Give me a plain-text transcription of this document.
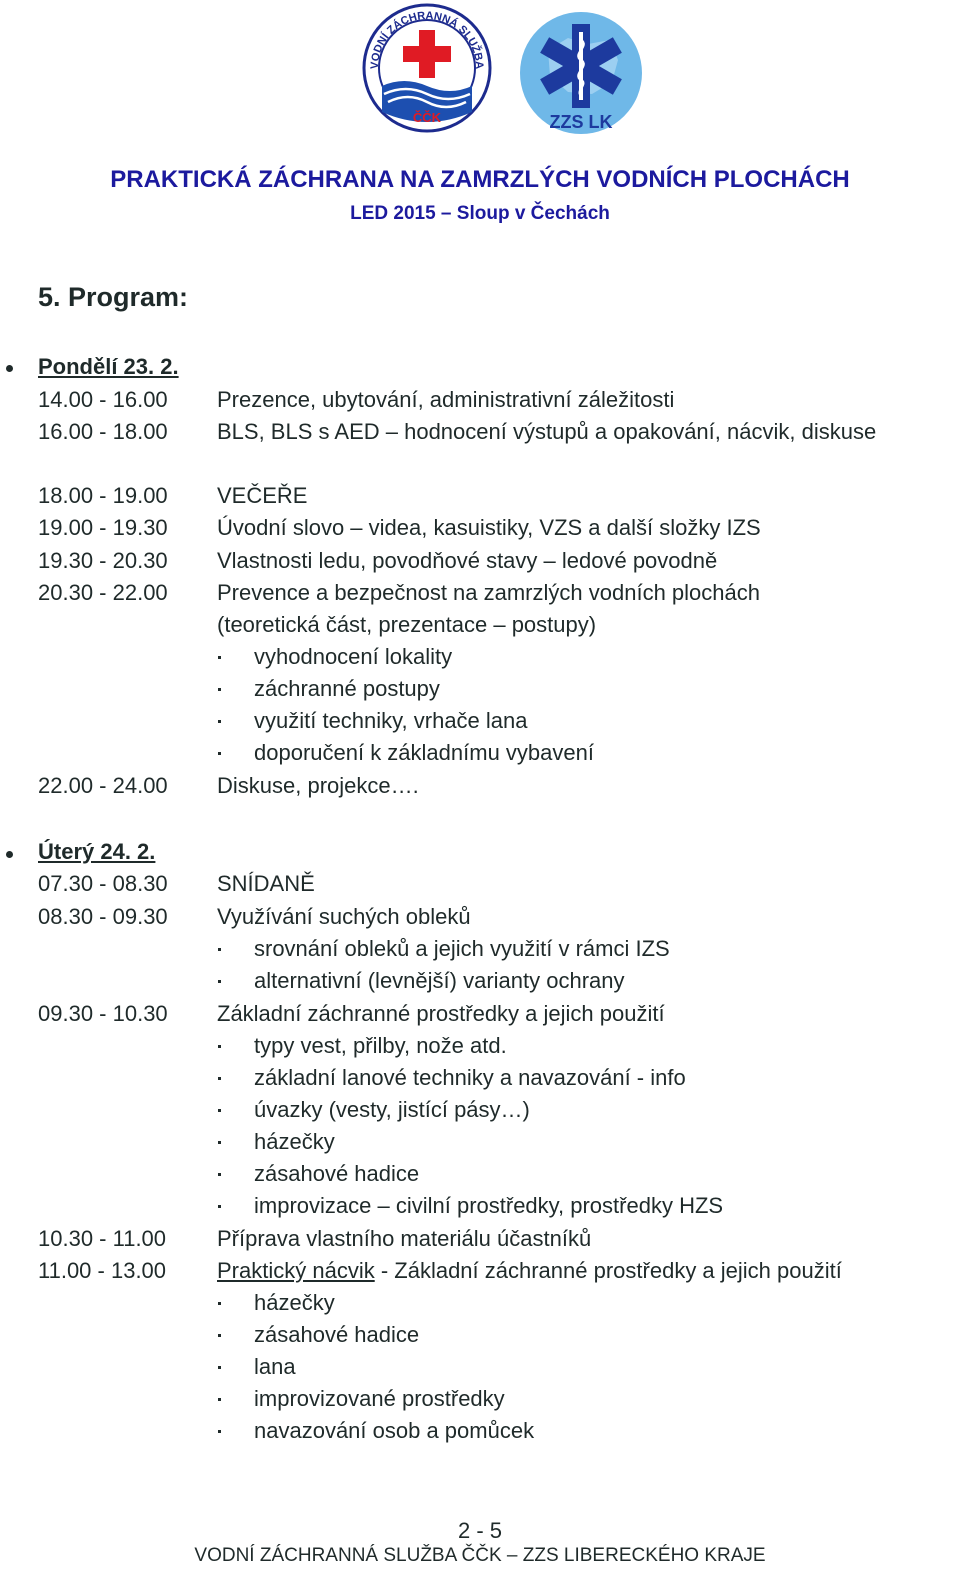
VODNÍ ZÁCHRANNÁ SLUŽBA
ČČK	ZZS LK
PRAKTICKÁ ZÁCHRANA NA ZAMRZLÝCH VODNÍCH PLOCHÁCH
LED 2015 – Sloup v Čechách
5. Program:
Pondělí 23. 2.
14.00 - 16.00 Prezence, ubytování, administrativní záležitosti
16.00 - 18.00 BLS, BLS s AED – hodnocení výstupů a opakování, nácvik, diskuse
18.00 - 19.00 VEČEŘE
19.00 - 19.30 Úvodní slovo – videa, kasuistiky, VZS a další složky IZS
19.30 - 20.30 Vlastnosti ledu, povodňové stavy – ledové povodně
20.30 - 22.00 Prevence a bezpečnost na zamrzlých vodních plochách
(teoretická část, prezentace – postupy)
vyhodnocení lokality
záchranné postupy
využití techniky, vrhače lana
doporučení k základnímu vybavení
22.00 - 24.00 Diskuse, projekce….
Úterý 24. 2.
07.30 - 08.30 SNÍDANĚ
08.30 - 09.30 Využívání suchých obleků
srovnání obleků a jejich využití v rámci IZS
alternativní (levnější) varianty ochrany
09.30 - 10.30 Základní záchranné prostředky a jejich použití
typy vest, přilby, nože atd.
základní lanové techniky a navazování - info
úvazky (vesty, jistící pásy…)
házečky
zásahové hadice
improvizace – civilní prostředky, prostředky HZS
10.30 - 11.00 Příprava vlastního materiálu účastníků
11.00 - 13.00 Praktický nácvik - Základní záchranné prostředky a jejich použití
házečky
zásahové hadice
lana
improvizované prostředky
navazování osob a pomůcek
2 - 5
VODNÍ ZÁCHRANNÁ SLUŽBA ČČK – ZZS LIBERECKÉHO KRAJE
